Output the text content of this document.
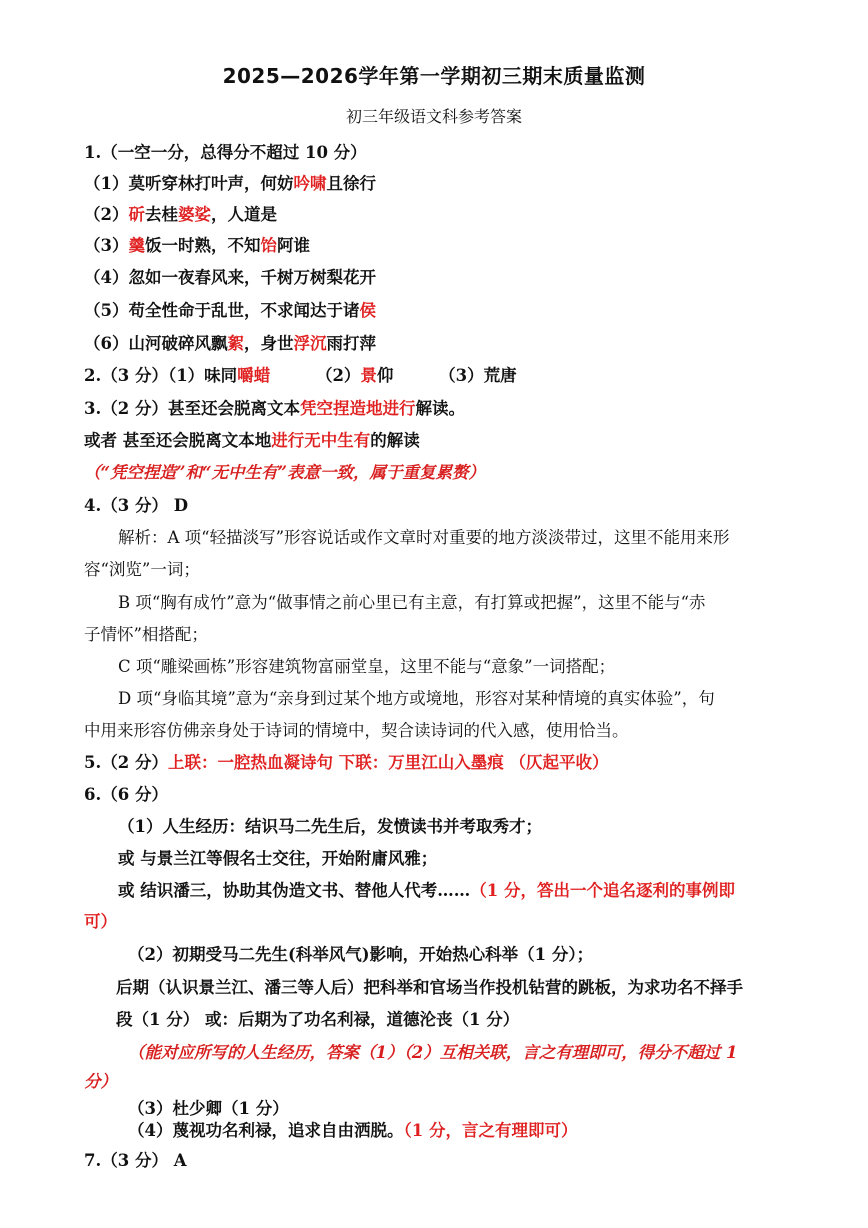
2025—2026学年第一学期初三期末质量监测
初三年级语文科参考答案
1.（一空一分，总得分不超过 10 分）
（1）莫听穿林打叶声，何妨吟啸且徐行
（2）斫去桂婆娑，人道是
（3）羹饭一时熟，不知饴阿谁
（4）忽如一夜春风来，千树万树梨花开
（5）苟全性命于乱世，不求闻达于诸侯
（6）山河破碎风飘絮，身世浮沉雨打萍
2.（3 分）（1）味同嚼蜡	（2）景仰	（3）荒唐
3.（2 分）甚至还会脱离文本凭空捏造地进行解读。
或者 甚至还会脱离文本地进行无中生有的解读
（“凭空捏造”和“无中生有”表意一致，属于重复累赘）
4.（3 分） D
解析：A 项“轻描淡写”形容说话或作文章时对重要的地方淡淡带过，这里不能用来形
容“浏览”一词；
B 项“胸有成竹”意为“做事情之前心里已有主意，有打算或把握”，这里不能与“赤
子情怀”相搭配；
C 项“雕梁画栋”形容建筑物富丽堂皇，这里不能与“意象”一词搭配；
D 项“身临其境”意为“亲身到过某个地方或境地，形容对某种情境的真实体验”，句
中用来形容仿佛亲身处于诗词的情境中，契合读诗词的代入感，使用恰当。
5.（2 分）上联：一腔热血凝诗句 下联：万里江山入墨痕 （仄起平收）
6.（6 分）
（1）人生经历：结识马二先生后，发愤读书并考取秀才；
或 与景兰江等假名士交往，开始附庸风雅；
或 结识潘三，协助其伪造文书、替他人代考……（1 分，答出一个追名逐利的事例即
可）
（2）初期受马二先生(科举风气)影响，开始热心科举（1 分）；
后期（认识景兰江、潘三等人后）把科举和官场当作投机钻营的跳板，为求功名不择手
段（1 分） 或：后期为了功名利禄，道德沦丧（1 分）
（能对应所写的人生经历，答案（1）（2）互相关联，言之有理即可，得分不超过 1
分）
（3）杜少卿（1 分）
（4）蔑视功名利禄，追求自由洒脱。（1 分，言之有理即可）
7.（3 分） A
